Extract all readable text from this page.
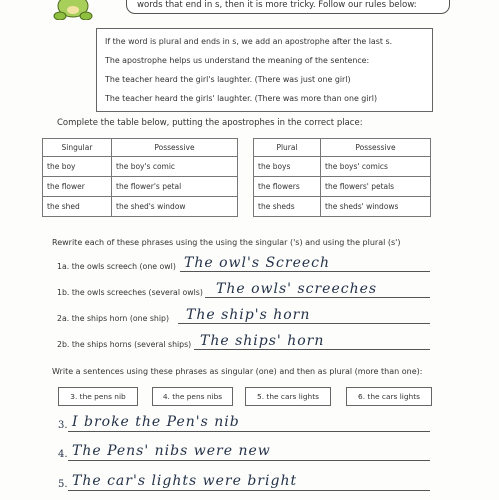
words that end in s, then it is more tricky. Follow our rules below:

If the word is plural and ends in s, we add an apostrophe after the last s.

The apostrophe helps us understand the meaning of the sentence:

The teacher heard the girl's laughter. (There was just one girl)

The teacher heard the girls' laughter. (There was more than one girl)

Complete the table below, putting the apostrophes in the correct place:
Singular	Possessive
the boy	the boy's comic
the flower	the flower's petal
the shed	the shed's window
Plural	Possessive
the boys	the boys' comics
the flowers	the flowers' petals
the sheds	the sheds' windows
Rewrite each of these phrases using the using the singular ('s) and using the plural (s')
1a. the owls screech (one owl) The owl's Screech
1b. the owls screeches (several owls) The owls' screeches
2a. the ships horn (one ship) The ship's horn
2b. the ships horns (several ships) The ships' horn
Write a sentences using these phrases as singular (one) and then as plural (more than one):
3. the pens nib	4. the pens nibs	5. the cars lights	6. the cars lights
3. I broke the Pen's nib
4. The Pens' nibs were new
5. The car's lights were bright
